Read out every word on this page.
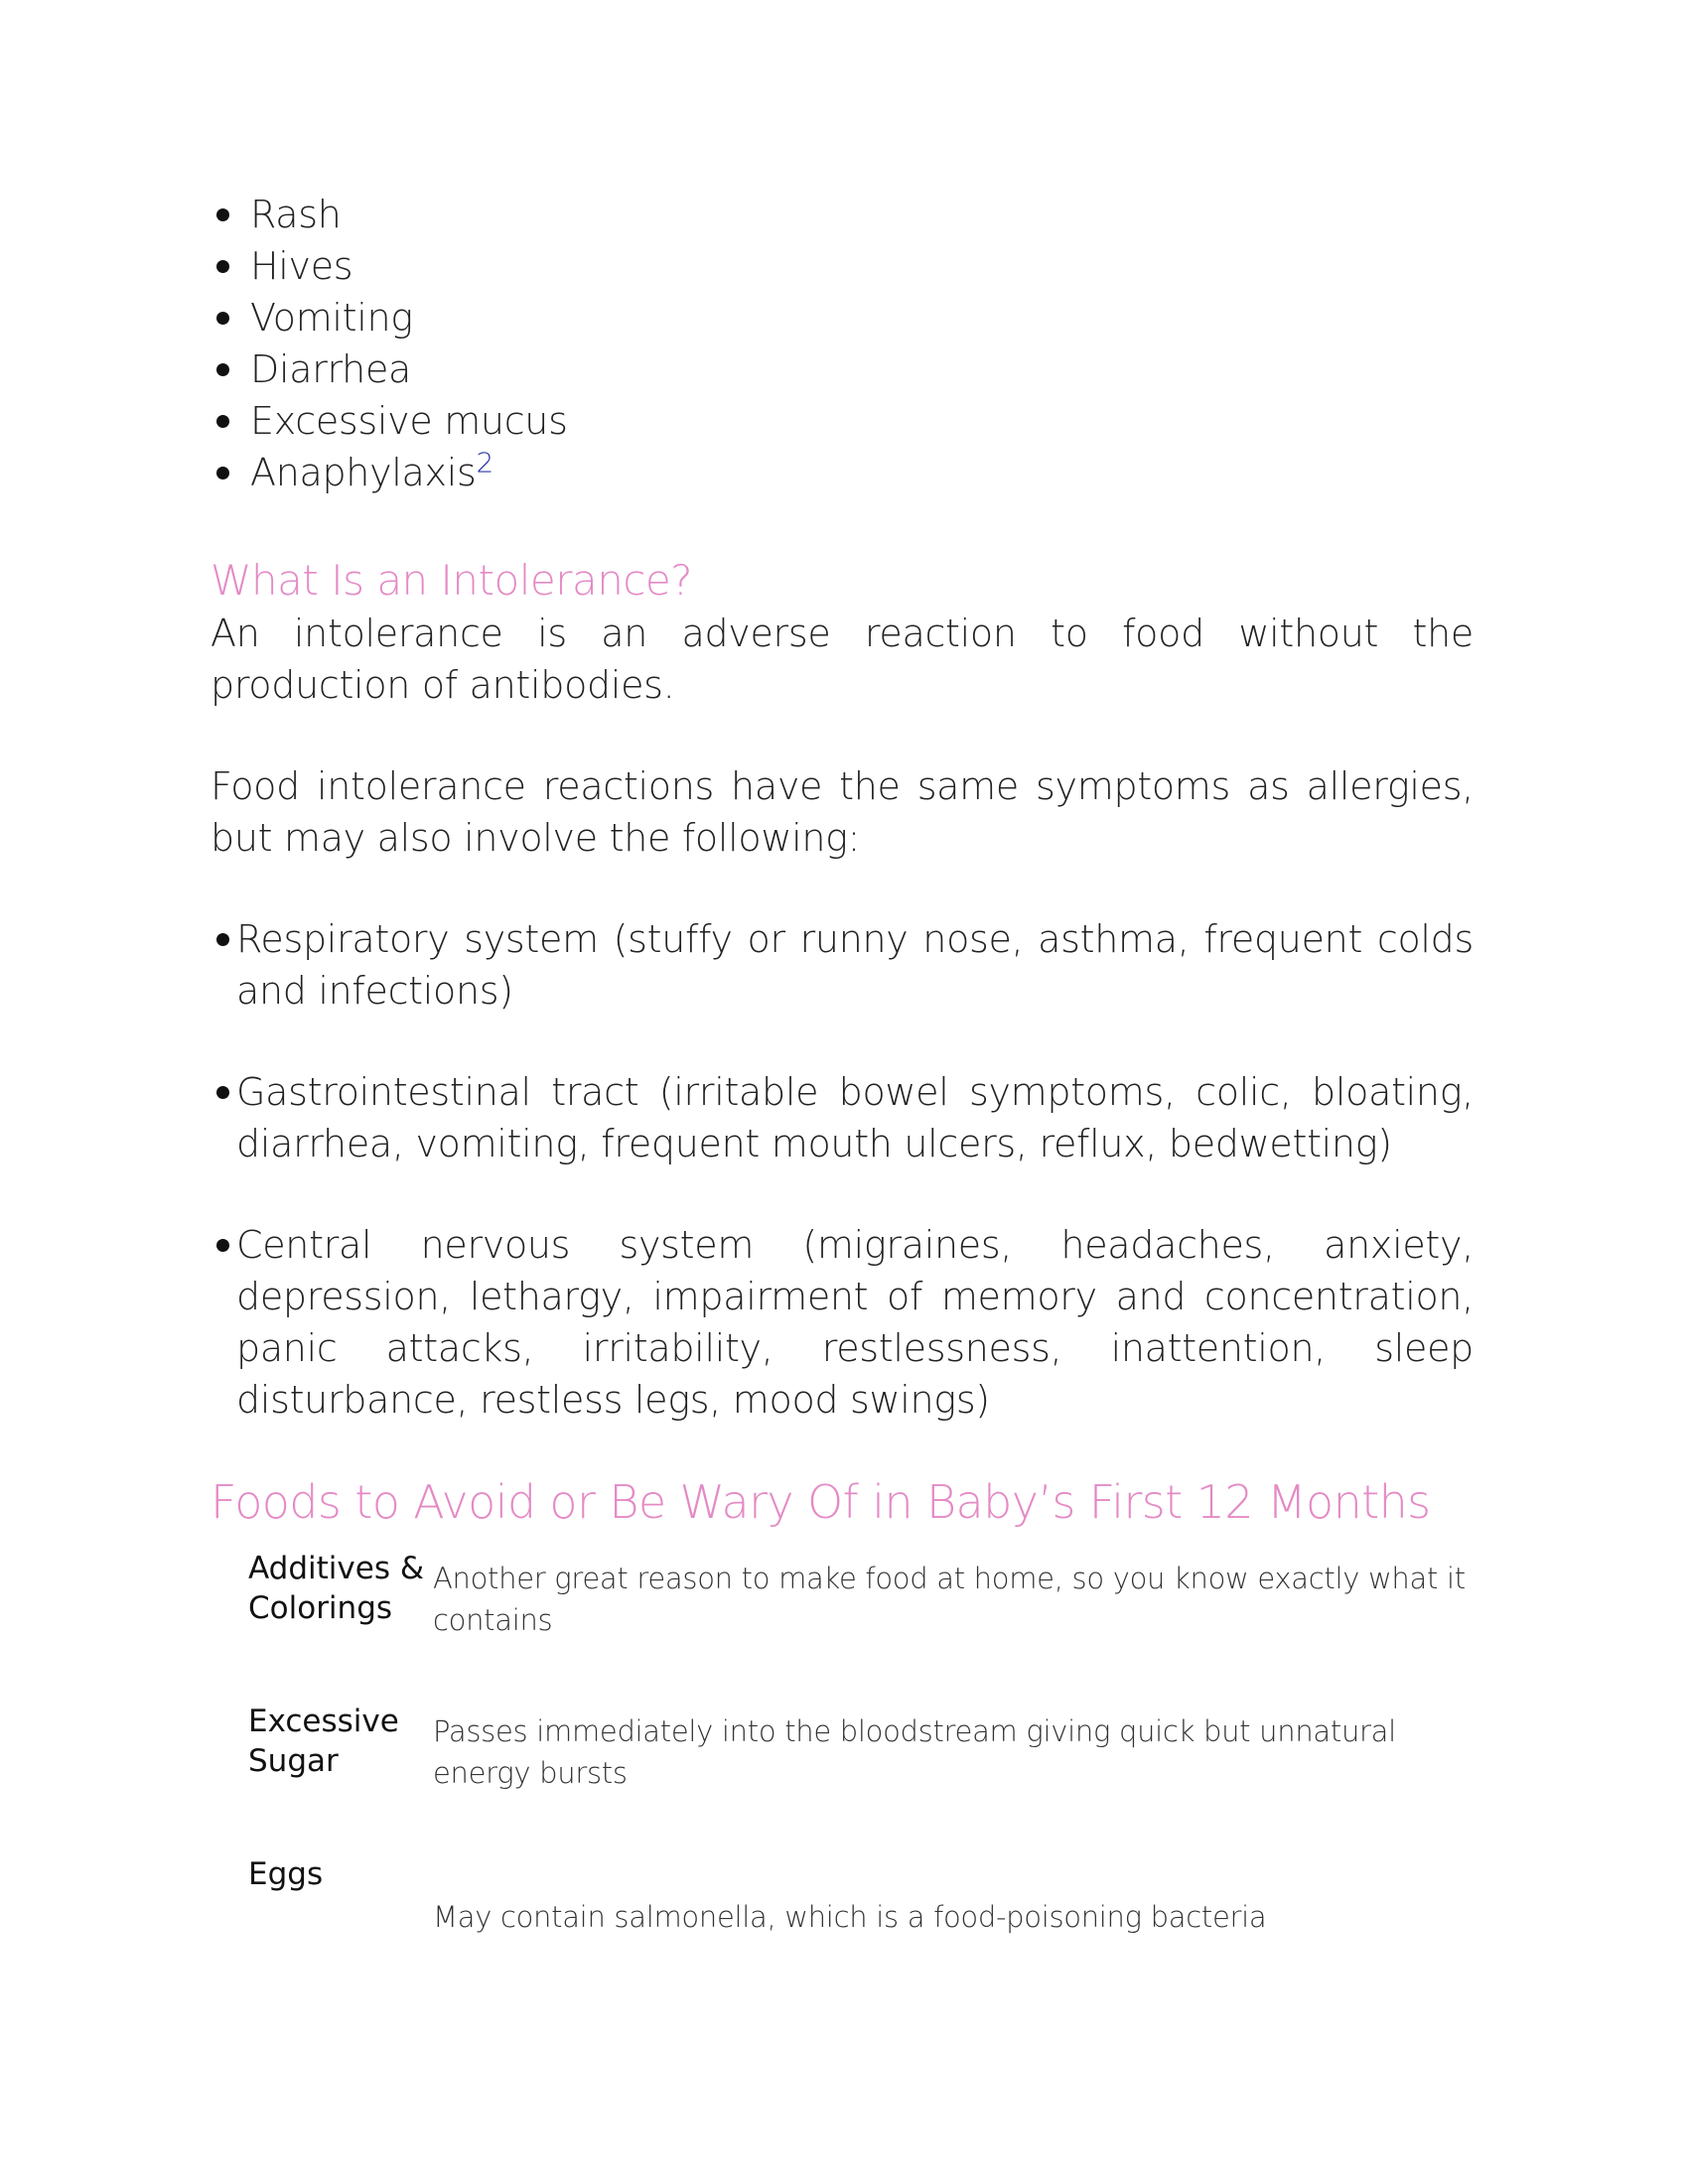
Rash
Hives
Vomiting
Diarrhea
Excessive mucus
Anaphylaxis$^2$
What Is an Intolerance?

An intolerance is an adverse reaction to food without the production of antibodies.

Food intolerance reactions have the same symptoms as allergies, but may also involve the following:

Respiratory system (stuffy or runny nose, asthma, frequent colds and infections)
Gastrointestinal tract (irritable bowel symptoms, colic, bloating, diarrhea, vomiting, frequent mouth ulcers, reflux, bedwetting)
Central nervous system (migraines, headaches, anxiety, depression, lethargy, impairment of memory and concentration, panic attacks, irritability, restlessness, inattention, sleep disturbance, restless legs, mood swings)
Foods to Avoid or Be Wary Of in Baby’s First 12 Months
Additives & Colorings
Another great reason to make food at home, so you know exactly what it contains
Excessive Sugar
Passes immediately into the bloodstream giving quick but unnatural energy bursts
Eggs
May contain salmonella, which is a food-poisoning bacteria
